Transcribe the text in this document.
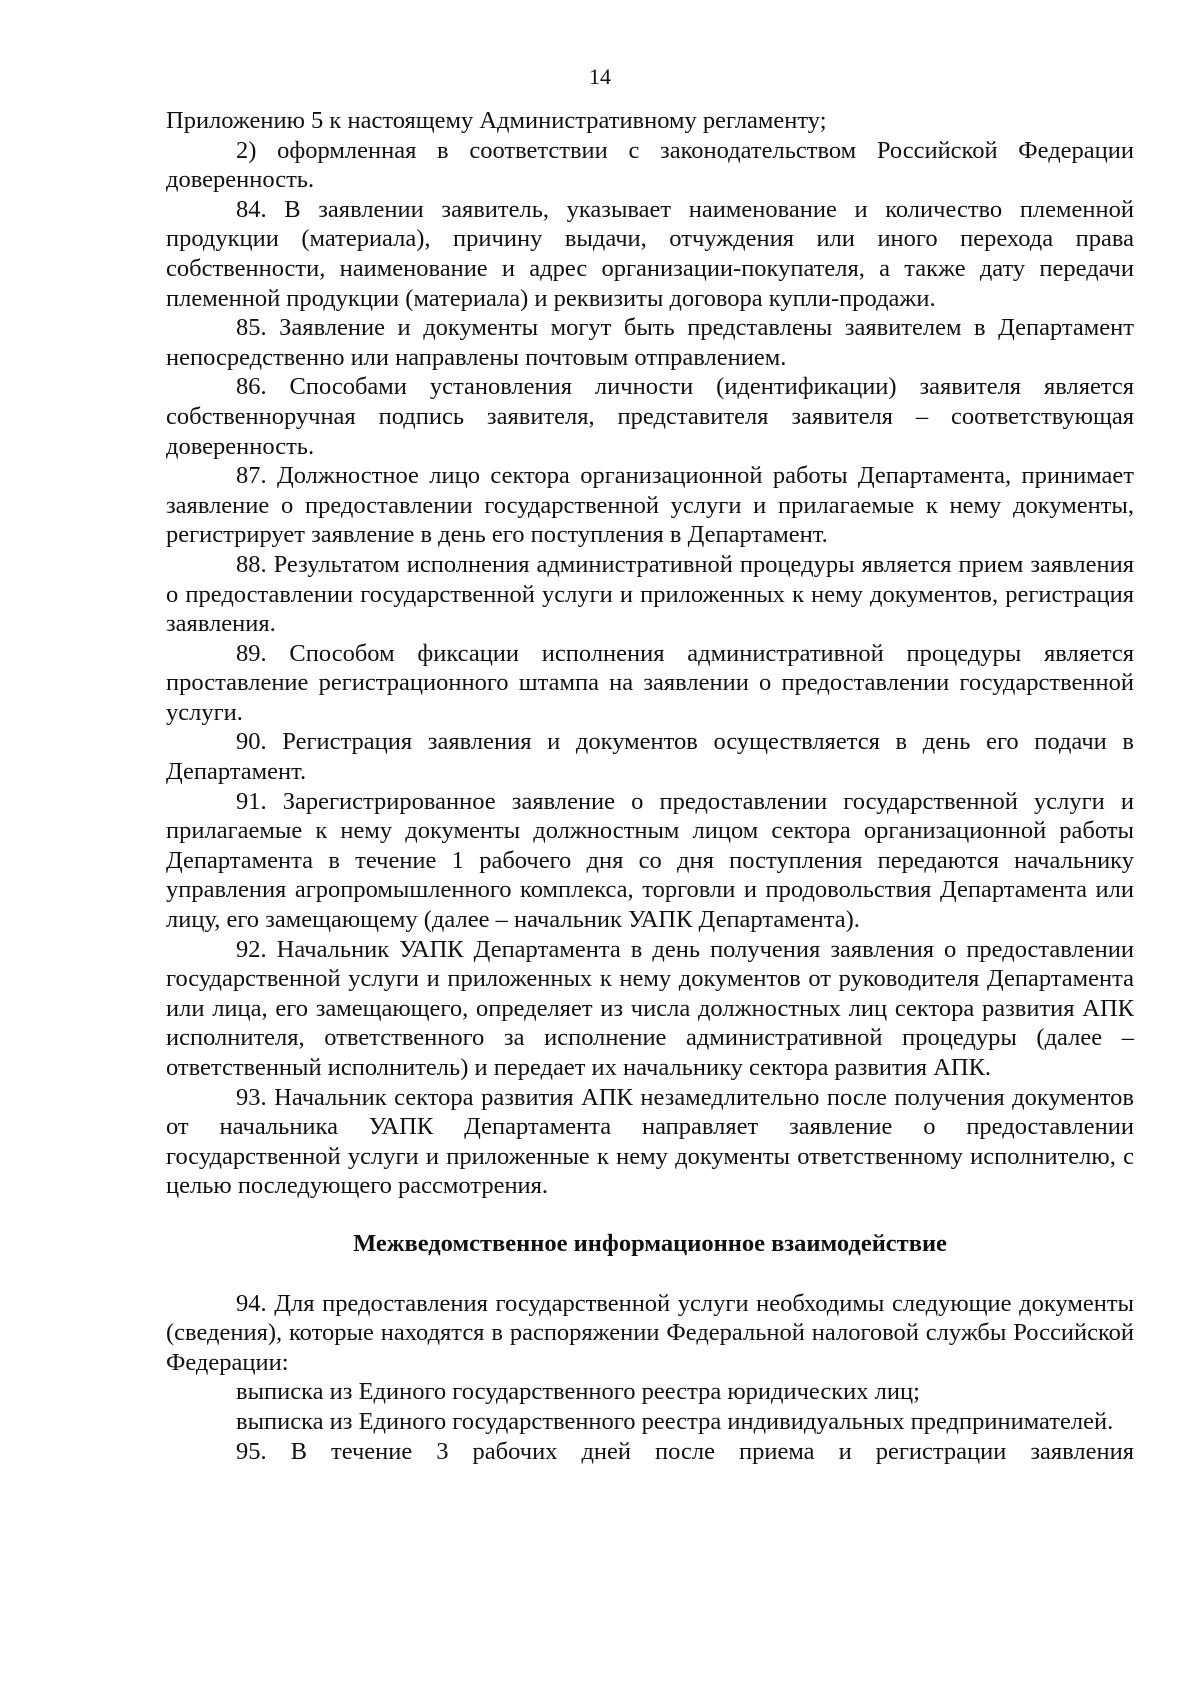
14

Приложению 5 к настоящему Административному регламенту;

2) оформленная в соответствии с законодательством Российской Федерации доверенность.

84. В заявлении заявитель, указывает наименование и количество племенной продукции (материала), причину выдачи, отчуждения или иного перехода права собственности, наименование и адрес организации-покупателя, а также дату передачи племенной продукции (материала) и реквизиты договора купли-продажи.

85. Заявление и документы могут быть представлены заявителем в Департамент непосредственно или направлены почтовым отправлением.

86. Способами установления личности (идентификации) заявителя является собственноручная подпись заявителя, представителя заявителя – соответствующая доверенность.

87. Должностное лицо сектора организационной работы Департамента, принимает заявление о предоставлении государственной услуги и прилагаемые к нему документы, регистрирует заявление в день его поступления в Департамент.

88. Результатом исполнения административной процедуры является прием заявления о предоставлении государственной услуги и приложенных к нему документов, регистрация заявления.

89. Способом фиксации исполнения административной процедуры является проставление регистрационного штампа на заявлении о предоставлении государственной услуги.

90. Регистрация заявления и документов осуществляется в день его подачи в Департамент.

91. Зарегистрированное заявление о предоставлении государственной услуги и прилагаемые к нему документы должностным лицом сектора организационной работы Департамента в течение 1 рабочего дня со дня поступления передаются начальнику управления агропромышленного комплекса, торговли и продовольствия Департамента или лицу, его замещающему (далее – начальник УАПК Департамента).

92. Начальник УАПК Департамента в день получения заявления о предоставлении государственной услуги и приложенных к нему документов от руководителя Департамента или лица, его замещающего, определяет из числа должностных лиц сектора развития АПК исполнителя, ответственного за исполнение административной процедуры (далее – ответственный исполнитель) и передает их начальнику сектора развития АПК.

93. Начальник сектора развития АПК незамедлительно после получения документов от начальника УАПК Департамента направляет заявление о предоставлении государственной услуги и приложенные к нему документы ответственному исполнителю, с целью последующего рассмотрения.

Межведомственное информационное взаимодействие

94. Для предоставления государственной услуги необходимы следующие документы (сведения), которые находятся в распоряжении Федеральной налоговой службы Российской Федерации:

выписка из Единого государственного реестра юридических лиц;

выписка из Единого государственного реестра индивидуальных предпринимателей.

95. В течение 3 рабочих дней после приема и регистрации заявления
